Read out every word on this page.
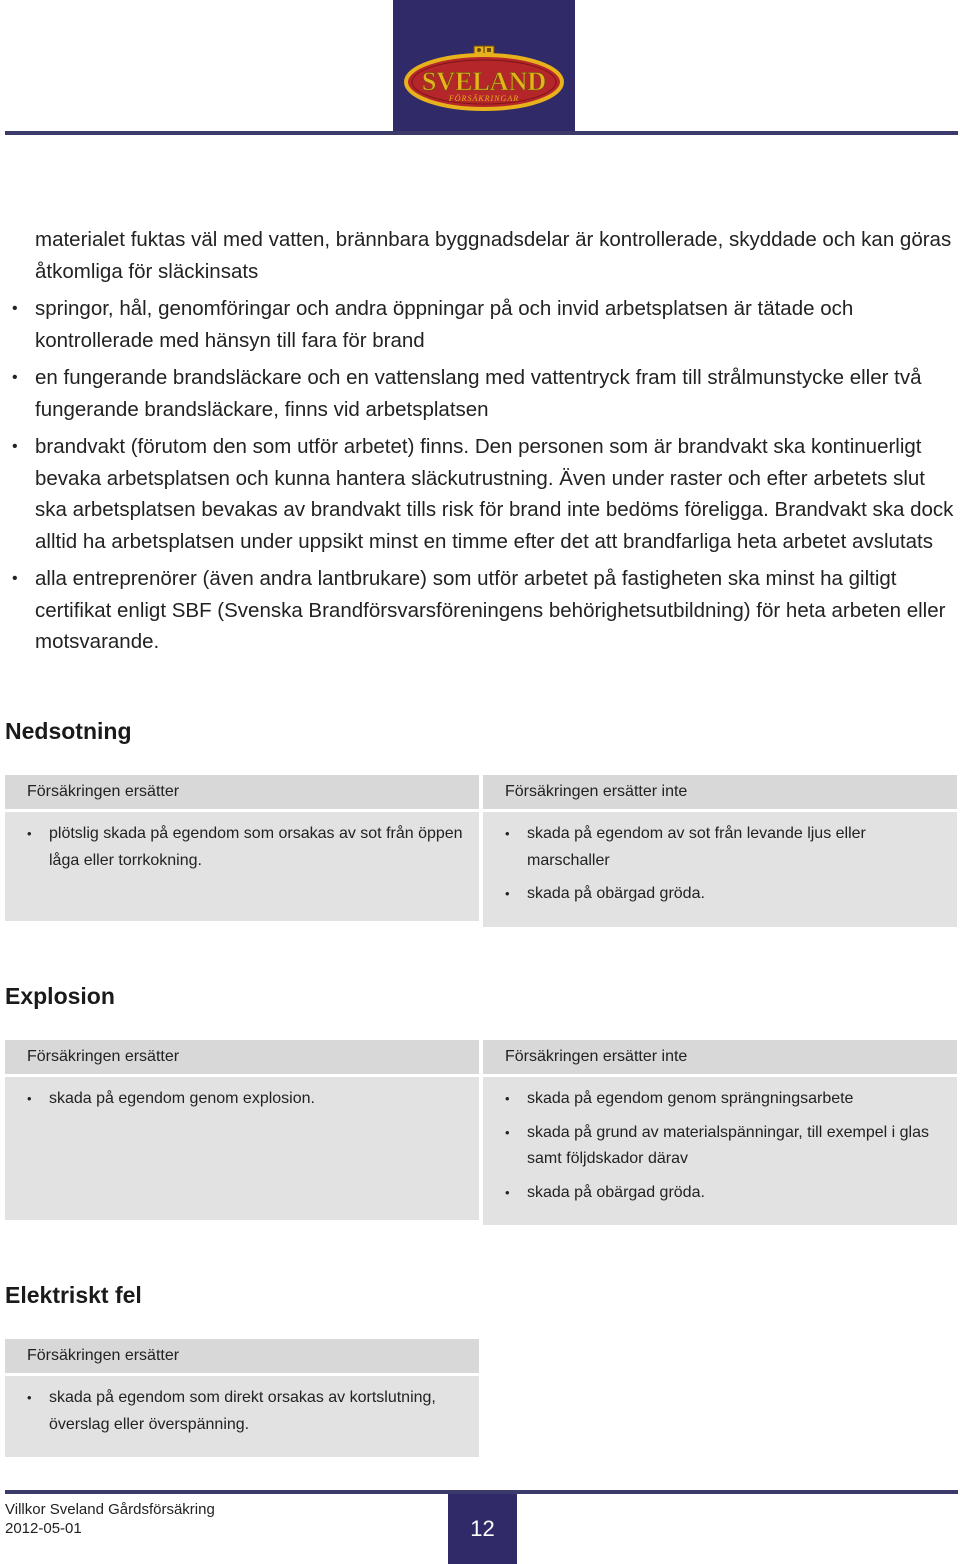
SVELAND
FÖRSÄKRINGAR

materialet fuktas väl med vatten, brännbara byggnadsdelar är kontrollerade, skyddade och kan göras åtkomliga för släckinsats

• springor, hål, genomföringar och andra öppningar på och invid arbetsplatsen är tätade och kontrollerade med hänsyn till fara för brand
• en fungerande brandsläckare och en vattenslang med vattentryck fram till strålmunstycke eller två fungerande brandsläckare, finns vid arbetsplatsen
• brandvakt (förutom den som utför arbetet) finns. Den personen som är brandvakt ska kontinuerligt bevaka arbetsplatsen och kunna hantera släckutrustning. Även under raster och efter arbetets slut ska arbetsplatsen bevakas av brandvakt tills risk för brand inte bedöms föreligga. Brandvakt ska dock alltid ha arbetsplatsen under uppsikt minst en timme efter det att brandfarliga heta arbetet avslutats
• alla entreprenörer (även andra lantbrukare) som utför arbetet på fastigheten ska minst ha giltigt certifikat enligt SBF (Svenska Brandförsvarsföreningens behörighetsutbildning) för heta arbeten eller motsvarande.
Nedsotning
Försäkringen ersätter
• plötslig skada på egendom som orsakas av sot från öppen låga eller torrkokning.
Försäkringen ersätter inte
• skada på egendom av sot från levande ljus eller marschaller
• skada på obärgad gröda.
Explosion
Försäkringen ersätter
• skada på egendom genom explosion.
Försäkringen ersätter inte
• skada på egendom genom sprängningsarbete
• skada på grund av materialspänningar, till exempel i glas samt följdskador därav
• skada på obärgad gröda.
Elektriskt fel
Försäkringen ersätter
• skada på egendom som direkt orsakas av kortslutning, överslag eller överspänning.
Villkor Sveland Gårdsförsäkring
2012-05-01	12
